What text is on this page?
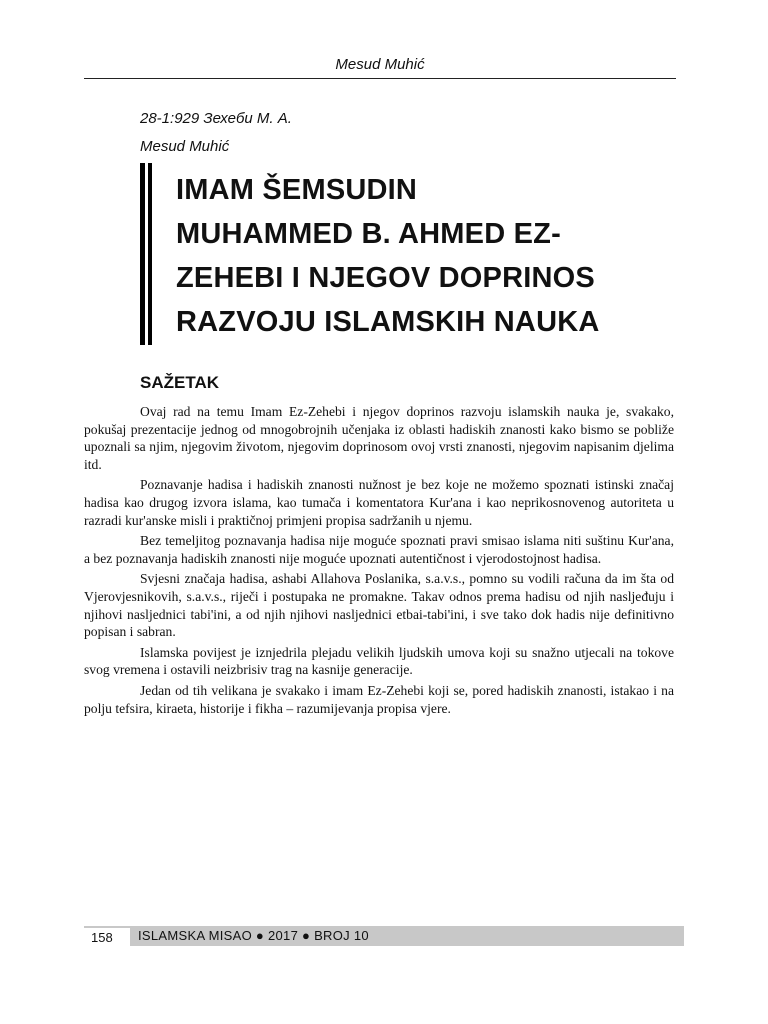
Mesud Muhić
28-1:929 Зехеби М. А.
Mesud Muhić
IMAM ŠEMSUDIN
MUHAMMED B. AHMED EZ-
ZEHEBI I NJEGOV DOPRINOS
RAZVOJU ISLAMSKIH NAUKA
SAŽETAK

Ovaj rad na temu Imam Ez-Zehebi i njegov doprinos razvoju islamskih nauka je, svakako, pokušaj prezentacije jednog od mnogobrojnih učenjaka iz oblasti hadiskih znanosti kako bismo se pobliže upoznali sa njim, njegovim životom, njegovim doprinosom ovoj vrsti znanosti, njegovim napisanim djelima itd.

Poznavanje hadisa i hadiskih znanosti nužnost je bez koje ne možemo spoznati istinski značaj hadisa kao drugog izvora islama, kao tumača i komentatora Kur'ana i kao neprikosnovenog autoriteta u razradi kur'anske misli i praktičnoj primjeni propisa sadržanih u njemu.

Bez temeljitog poznavanja hadisa nije moguće spoznati pravi smisao islama niti suštinu Kur'ana, a bez poznavanja hadiskih znanosti nije moguće upoznati autentičnost i vjerodostojnost hadisa.

Svjesni značaja hadisa, ashabi Allahova Poslanika, s.a.v.s., pomno su vodili računa da im šta od Vjerovjesnikovih, s.a.v.s., riječi i postupaka ne promakne. Takav odnos prema hadisu od njih nasljeđuju i njihovi nasljednici tabi'ini, a od njih njihovi nasljednici etbai-tabi'ini, i sve tako dok hadis nije definitivno popisan i sabran.

Islamska povijest je iznjedrila plejadu velikih ljudskih umova koji su snažno utjecali na tokove svog vremena i ostavili neizbrisiv trag na kasnije generacije.

Jedan od tih velikana je svakako i imam Ez-Zehebi koji se, pored hadiskih znanosti, istakao i na polju tefsira, kiraeta, historije i fikha – razumijevanja propisa vjere.

158	ISLAMSKA MISAO ● 2017 ● BROJ 10
